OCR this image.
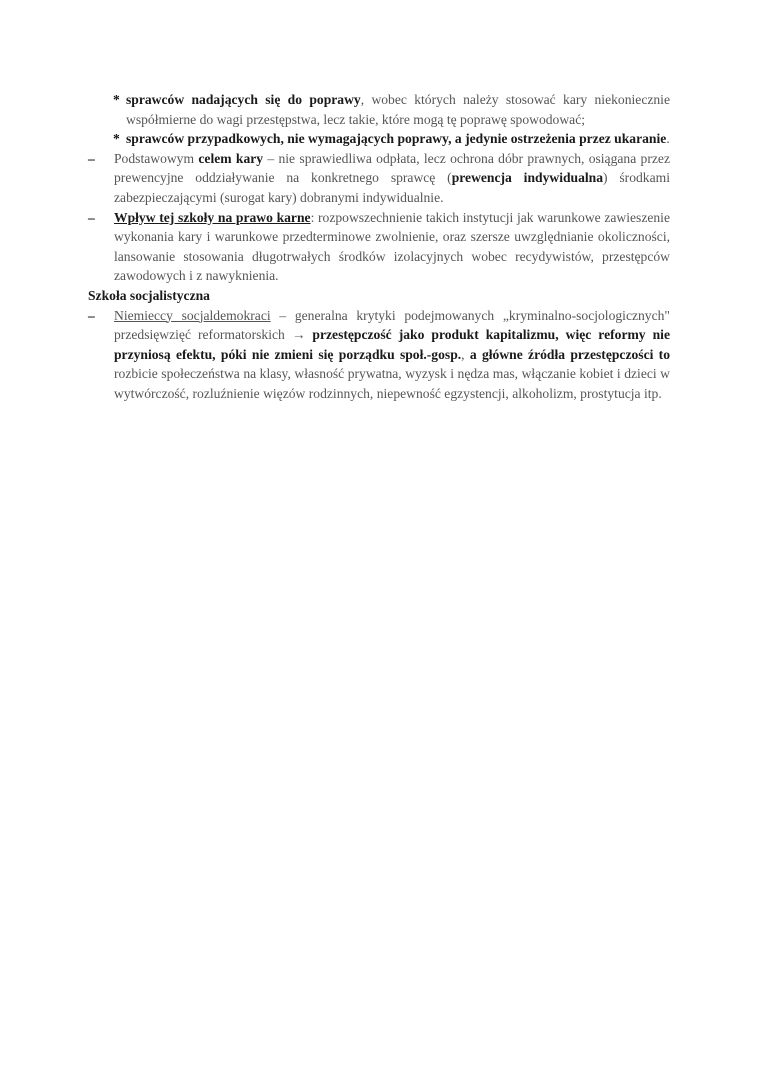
* sprawców nadających się do poprawy, wobec których należy stosować kary niekoniecznie współmierne do wagi przestępstwa, lecz takie, które mogą tę poprawę spowodować;
* sprawców przypadkowych, nie wymagających poprawy, a jedynie ostrzeżenia przez ukaranie.
– Podstawowym celem kary – nie sprawiedliwa odpłata, lecz ochrona dóbr prawnych, osiągana przez prewencyjne oddziaływanie na konkretnego sprawcę (prewencja indywidualna) środkami zabezpieczającymi (surogat kary) dobranymi indywidualnie.
– Wpływ tej szkoły na prawo karne: rozpowszechnienie takich instytucji jak warunkowe zawieszenie wykonania kary i warunkowe przedterminowe zwolnienie, oraz szersze uwzględnianie okoliczności, lansowanie stosowania długotrwałych środków izolacyjnych wobec recydywistów, przestępców zawodowych i z nawyknienia.
Szkoła socjalistyczna
– Niemieccy socjaldemokraci – generalna krytyki podejmowanych „kryminalno-socjologicznych" przedsięwzięć reformatorskich → przestępczość jako produkt kapitalizmu, więc reformy nie przyniosą efektu, póki nie zmieni się porządku społ.-gosp., a główne źródła przestępczości to rozbicie społeczeństwa na klasy, własność prywatna, wyzysk i nędza mas, włączanie kobiet i dzieci w wytwórczość, rozluźnienie więzów rodzinnych, niepewność egzystencji, alkoholizm, prostytucja itp.
